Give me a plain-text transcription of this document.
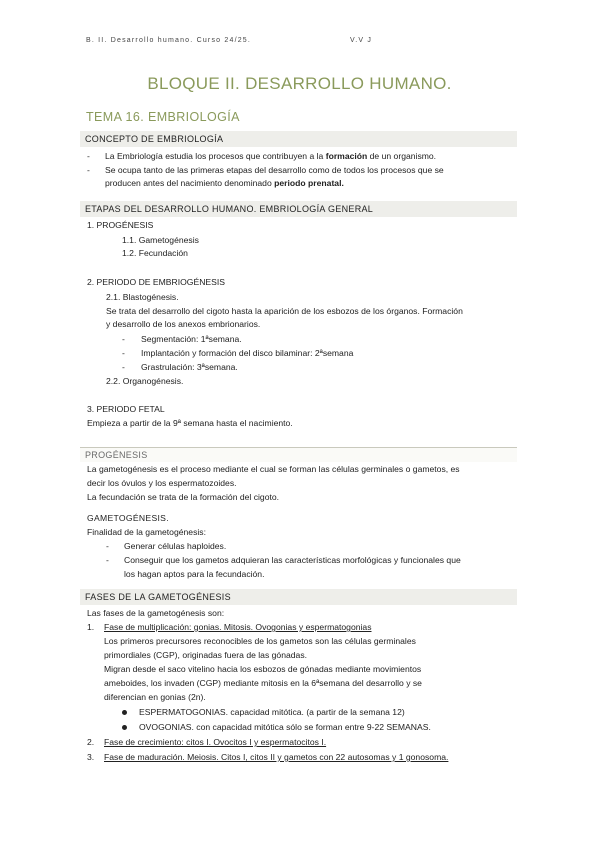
B. II. Desarrollo humano. Curso 24/25.	V.V J
BLOQUE II. DESARROLLO HUMANO.
TEMA 16. EMBRIOLOGÍA
CONCEPTO DE EMBRIOLOGÍA
- La Embriología estudia los procesos que contribuyen a la formación de un organismo.
- Se ocupa tanto de las primeras etapas del desarrollo como de todos los procesos que se
producen antes del nacimiento denominado periodo prenatal.
ETAPAS DEL DESARROLLO HUMANO. EMBRIOLOGÍA GENERAL
1. PROGÉNESIS
1.1. Gametogénesis
1.2. Fecundación
2. PERIODO DE EMBRIOGÉNESIS
2.1. Blastogénesis.
Se trata del desarrollo del cigoto hasta la aparición de los esbozos de los órganos. Formación
y desarrollo de los anexos embrionarios.
- Segmentación: 1ªsemana.
- Implantación y formación del disco bilaminar: 2ªsemana
- Grastrulación: 3ªsemana.
2.2. Organogénesis.
3. PERIODO FETAL
Empieza a partir de la 9ª semana hasta el nacimiento.
PROGÉNESIS
La gametogénesis es el proceso mediante el cual se forman las células germinales o gametos, es
decir los óvulos y los espermatozoides.
La fecundación se trata de la formación del cigoto.
GAMETOGÉNESIS.
Finalidad de la gametogénesis:
- Generar células haploides.
- Conseguir que los gametos adquieran las características morfológicas y funcionales que
los hagan aptos para la fecundación.
FASES DE LA GAMETOGÉNESIS
Las fases de la gametogénesis son:
1. Fase de multiplicación: gonias. Mitosis. Ovogonias y espermatogonias
Los primeros precursores reconocibles de los gametos son las células germinales
primordiales (CGP), originadas fuera de las gónadas.
Migran desde el saco vitelino hacia los esbozos de gónadas mediante movimientos
ameboides, los invaden (CGP) mediante mitosis en la 6ªsemana del desarrollo y se
diferencian en gonias (2n).
ESPERMATOGONIAS. capacidad mitótica. (a partir de la semana 12)
OVOGONIAS. con capacidad mitótica sólo se forman entre 9-22 SEMANAS.
2. Fase de crecimiento: citos I. Ovocitos I y espermatocitos I.
3. Fase de maduración. Meiosis. Citos I, citos II y gametos con 22 autosomas y 1 gonosoma.
